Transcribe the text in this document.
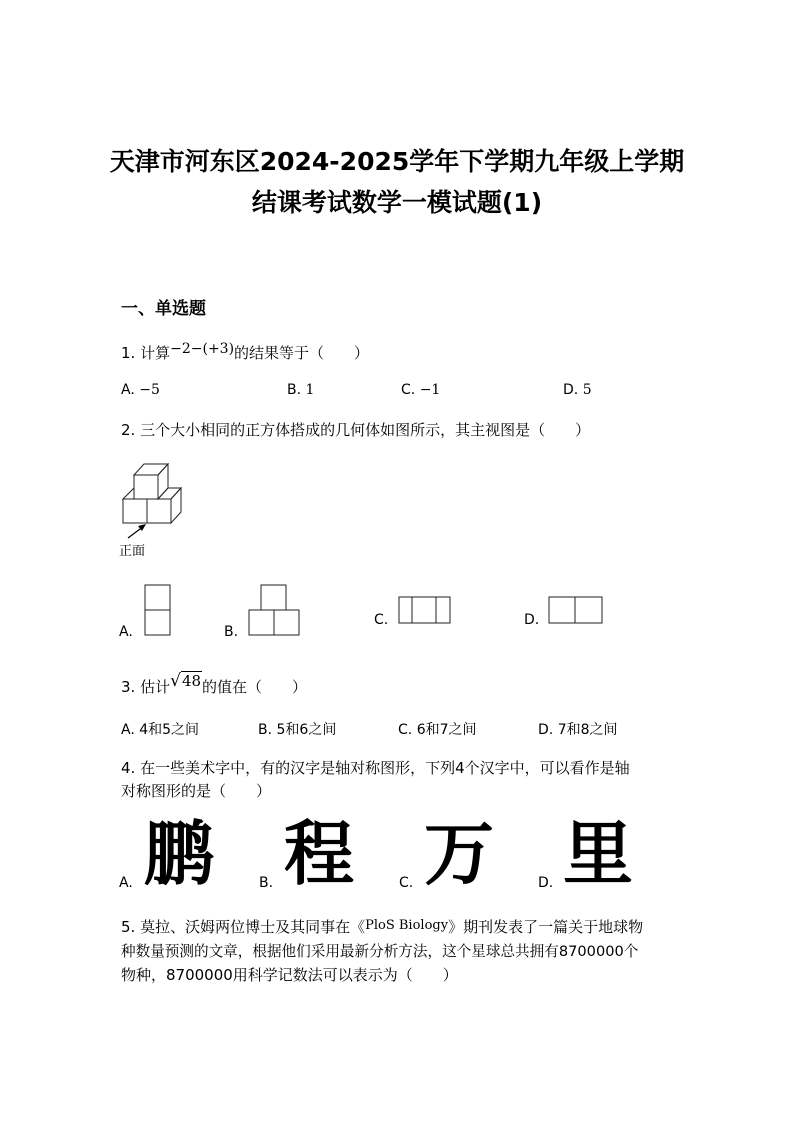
天津市河东区2024-2025学年下学期九年级上学期
结课考试数学一模试题(1)
一、单选题
1. 计算−2−(+3)的结果等于（　　）
A. −5	B. 1	C. −1	D. 5
2. 三个大小相同的正方体搭成的几何体如图所示，其主视图是（　　）
正面
A.	B.
C.	D.
3. 估计√48的值在（　　）
A. 4和5之间	B. 5和6之间	C. 6和7之间	D. 7和8之间
4. 在一些美术字中，有的汉字是轴对称图形，下列4个汉字中，可以看作是轴
对称图形的是（　　）
A. 鹏	B. 程	C. 万	D. 里
5. 莫拉、沃姆两位博士及其同事在《PloS Biology》期刊发表了一篇关于地球物
种数量预测的文章，根据他们采用最新分析方法，这个星球总共拥有8700000个
物种，8700000用科学记数法可以表示为（　　）
